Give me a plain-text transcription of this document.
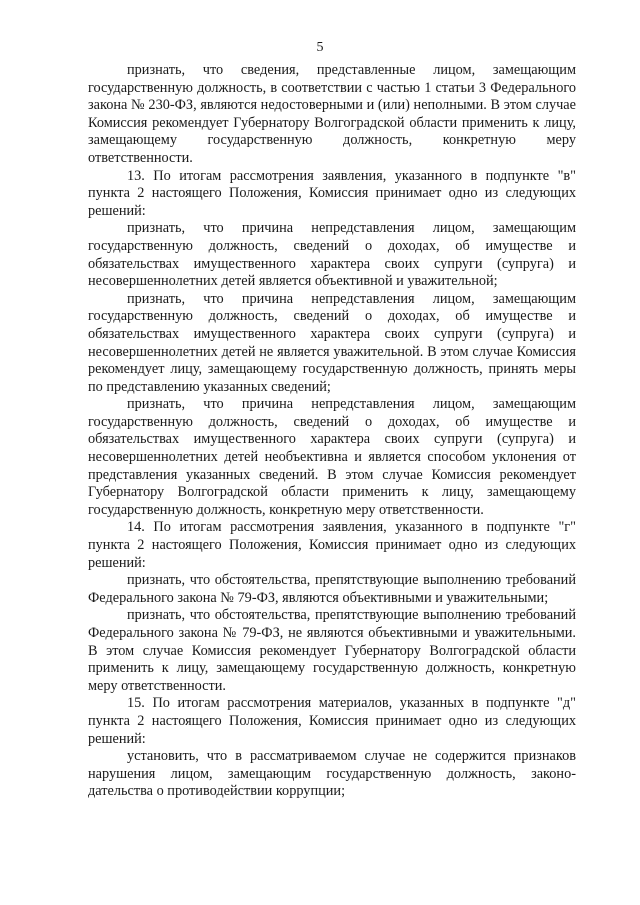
5

признать, что сведения, представленные лицом, замещающим государственную должность, в соответствии с частью 1 статьи 3 Федерального закона № 230-ФЗ, являются недостоверными и (или) неполными. В этом случае Комиссия рекомендует Губернатору Волгоградской области применить к лицу, замещающему государственную должность, конкретную меру ответственности.

13. По итогам рассмотрения заявления, указанного в подпункте "в" пункта 2 настоящего Положения, Комиссия принимает одно из следующих решений:

признать, что причина непредставления лицом, замещающим государственную должность, сведений о доходах, об имуществе и обязательствах имущественного характера своих супруги (супруга) и несовершеннолетних детей является объективной и уважительной;

признать, что причина непредставления лицом, замещающим государственную должность, сведений о доходах, об имуществе и обязательствах имущественного характера своих супруги (супруга) и несовершеннолетних детей не является уважительной. В этом случае Комиссия рекомендует лицу, замещающему государственную должность, принять меры по представлению указанных сведений;

признать, что причина непредставления лицом, замещающим государственную должность, сведений о доходах, об имуществе и обязательствах имущественного характера своих супруги (супруга) и несовершеннолетних детей необъективна и является способом уклонения от представления указанных сведений. В этом случае Комиссия рекомендует Губернатору Волгоградской области применить к лицу, замещающему государственную должность, конкретную меру ответственности.

14. По итогам рассмотрения заявления, указанного в подпункте "г" пункта 2 настоящего Положения, Комиссия принимает одно из следующих решений:

признать, что обстоятельства, препятствующие выполнению требований Федерального закона № 79-ФЗ, являются объективными и уважительными;

признать, что обстоятельства, препятствующие выполнению требований Федерального закона № 79-ФЗ, не являются объективными и уважительными. В этом случае Комиссия рекомендует Губернатору Волгоградской области применить к лицу, замещающему государственную должность, конкретную меру ответственности.

15. По итогам рассмотрения материалов, указанных в подпункте "д" пункта 2 настоящего Положения, Комиссия принимает одно из следующих решений:

установить, что в рассматриваемом случае не содержится признаков нарушения лицом, замещающим государственную должность, законодательства о противодействии коррупции;
